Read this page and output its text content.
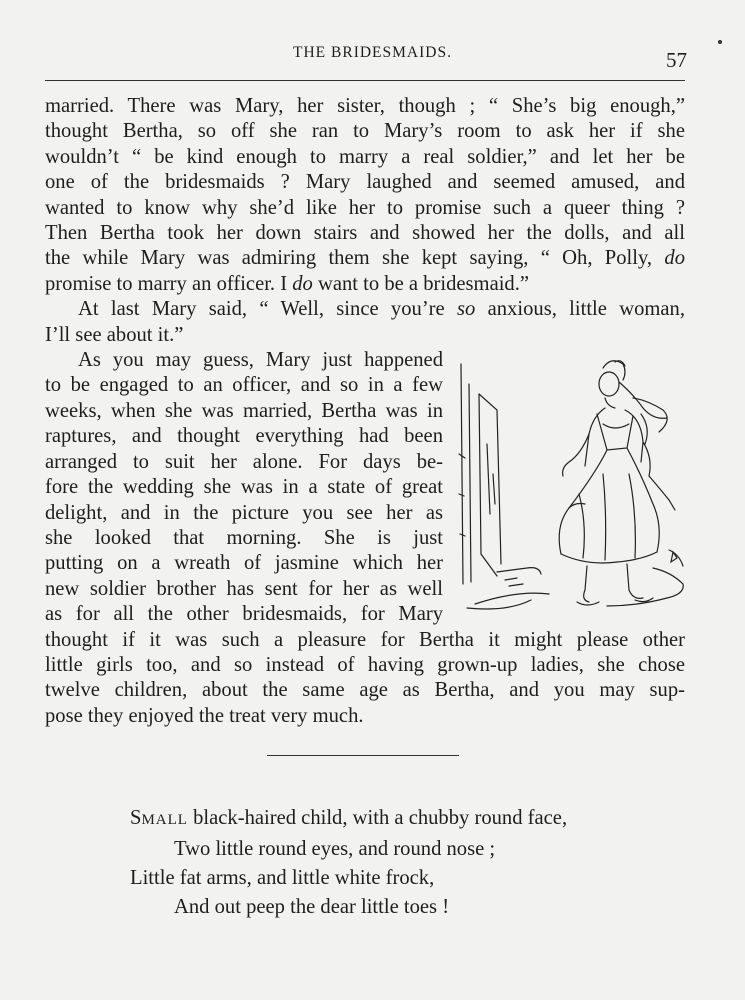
THE BRIDESMAIDS.	57

married. There was Mary, her sister, though ; “ She’s big enough,”
thought Bertha, so off she ran to Mary’s room to ask her if she
wouldn’t “ be kind enough to marry a real soldier,” and let her be
one of the bridesmaids ? Mary laughed and seemed amused, and
wanted to know why she’d like her to promise such a queer thing ?
Then Bertha took her down stairs and showed her the dolls, and all
the while Mary was admiring them she kept saying, “ Oh, Polly, do
promise to marry an officer. I do want to be a bridesmaid.”

At last Mary said, “ Well, since you’re so anxious, little woman,

I’ll see about it.”

As you may guess, Mary just happened

to be engaged to an officer, and so in a few
weeks, when she was married, Bertha was in
raptures, and thought everything had been
arranged to suit her alone. For days be-
fore the wedding she was in a state of great
delight, and in the picture you see her as
she looked that morning. She is just
putting on a wreath of jasmine which her
new soldier brother has sent for her as well
as for all the other bridesmaids, for Mary
thought if it was such a pleasure for Bertha it might please other
little girls too, and so instead of having grown-up ladies, she chose
twelve children, about the same age as Bertha, and you may sup-
pose they enjoyed the treat very much.

SMALL black-haired child, with a chubby round face,
Two little round eyes, and round nose ;
Little fat arms, and little white frock,
And out peep the dear little toes !
